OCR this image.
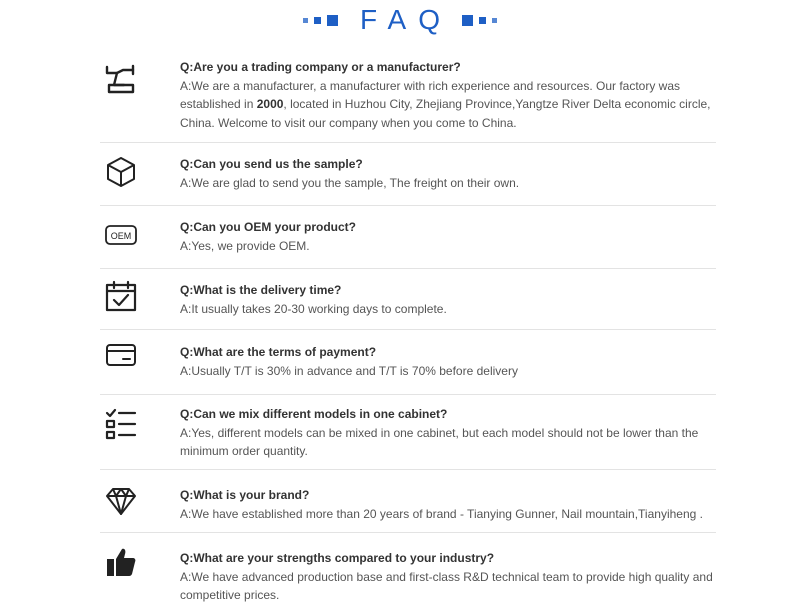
FAQ
Q:Are you a trading company or a manufacturer?
A:We are a manufacturer, a manufacturer with rich experience and resources. Our factory was established in 2000, located in Huzhou City, Zhejiang Province,Yangtze River Delta economic circle, China. Welcome to visit our company when you come to China.
Q:Can you send us the sample?
A:We are glad to send you the sample, The freight on their own.
OEM
Q:Can you OEM your product?
A:Yes, we provide OEM.
Q:What is the delivery time?
A:It usually takes 20-30 working days to complete.
Q:What are the terms of payment?
A:Usually T/T is 30% in advance and T/T is 70% before delivery
Q:Can we mix different models in one cabinet?
A:Yes, different models can be mixed in one cabinet, but each model should not be lower than the minimum order quantity.
Q:What is your brand?
A:We have established more than 20 years of brand - Tianying Gunner, Nail mountain,Tianyiheng .
Q:What are your strengths compared to your industry?
A:We have advanced production base and first-class R&D technical team to provide high quality and competitive prices.
